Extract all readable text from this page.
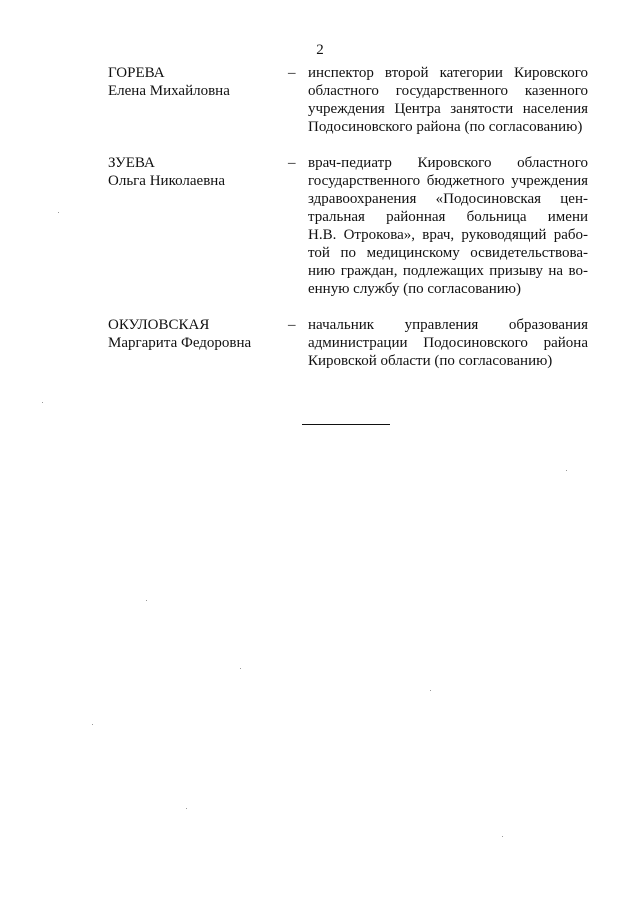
2
ГОРЕВА
Елена Михайловна
– инспектор второй категории Кировского
областного государственного казенного
учреждения Центра занятости населения
Подосиновского района (по согласованию)
ЗУЕВА
Ольга Николаевна
– врач-педиатр Кировского областного
государственного бюджетного учреждения
здравоохранения «Подосиновская цен-
тральная районная больница имени
Н.В. Отрокова», врач, руководящий рабо-
той по медицинскому освидетельствова-
нию граждан, подлежащих призыву на во-
енную службу (по согласованию)
ОКУЛОВСКАЯ
Маргарита Федоровна
– начальник управления образования
администрации Подосиновского района
Кировской области (по согласованию)
